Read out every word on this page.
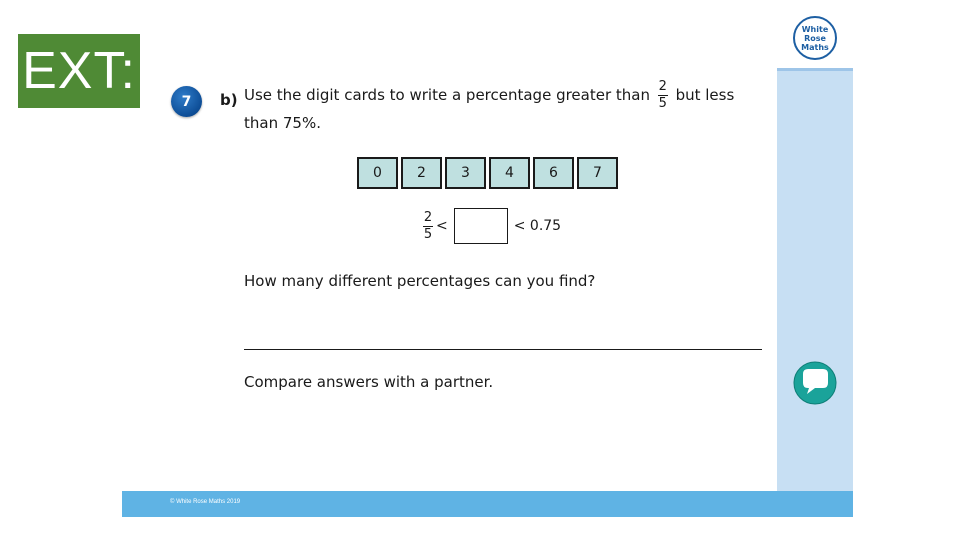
EXT:
White
Rose
Maths
© White Rose Maths 2019
7 b) Use the digit cards to write a percentage greater than $\frac{2}{5}$ but less
than 75%.
0	2	3	4	6	7
$\frac{2}{5}$ <	< 0.75
How many different percentages can you find?
Compare answers with a partner.
